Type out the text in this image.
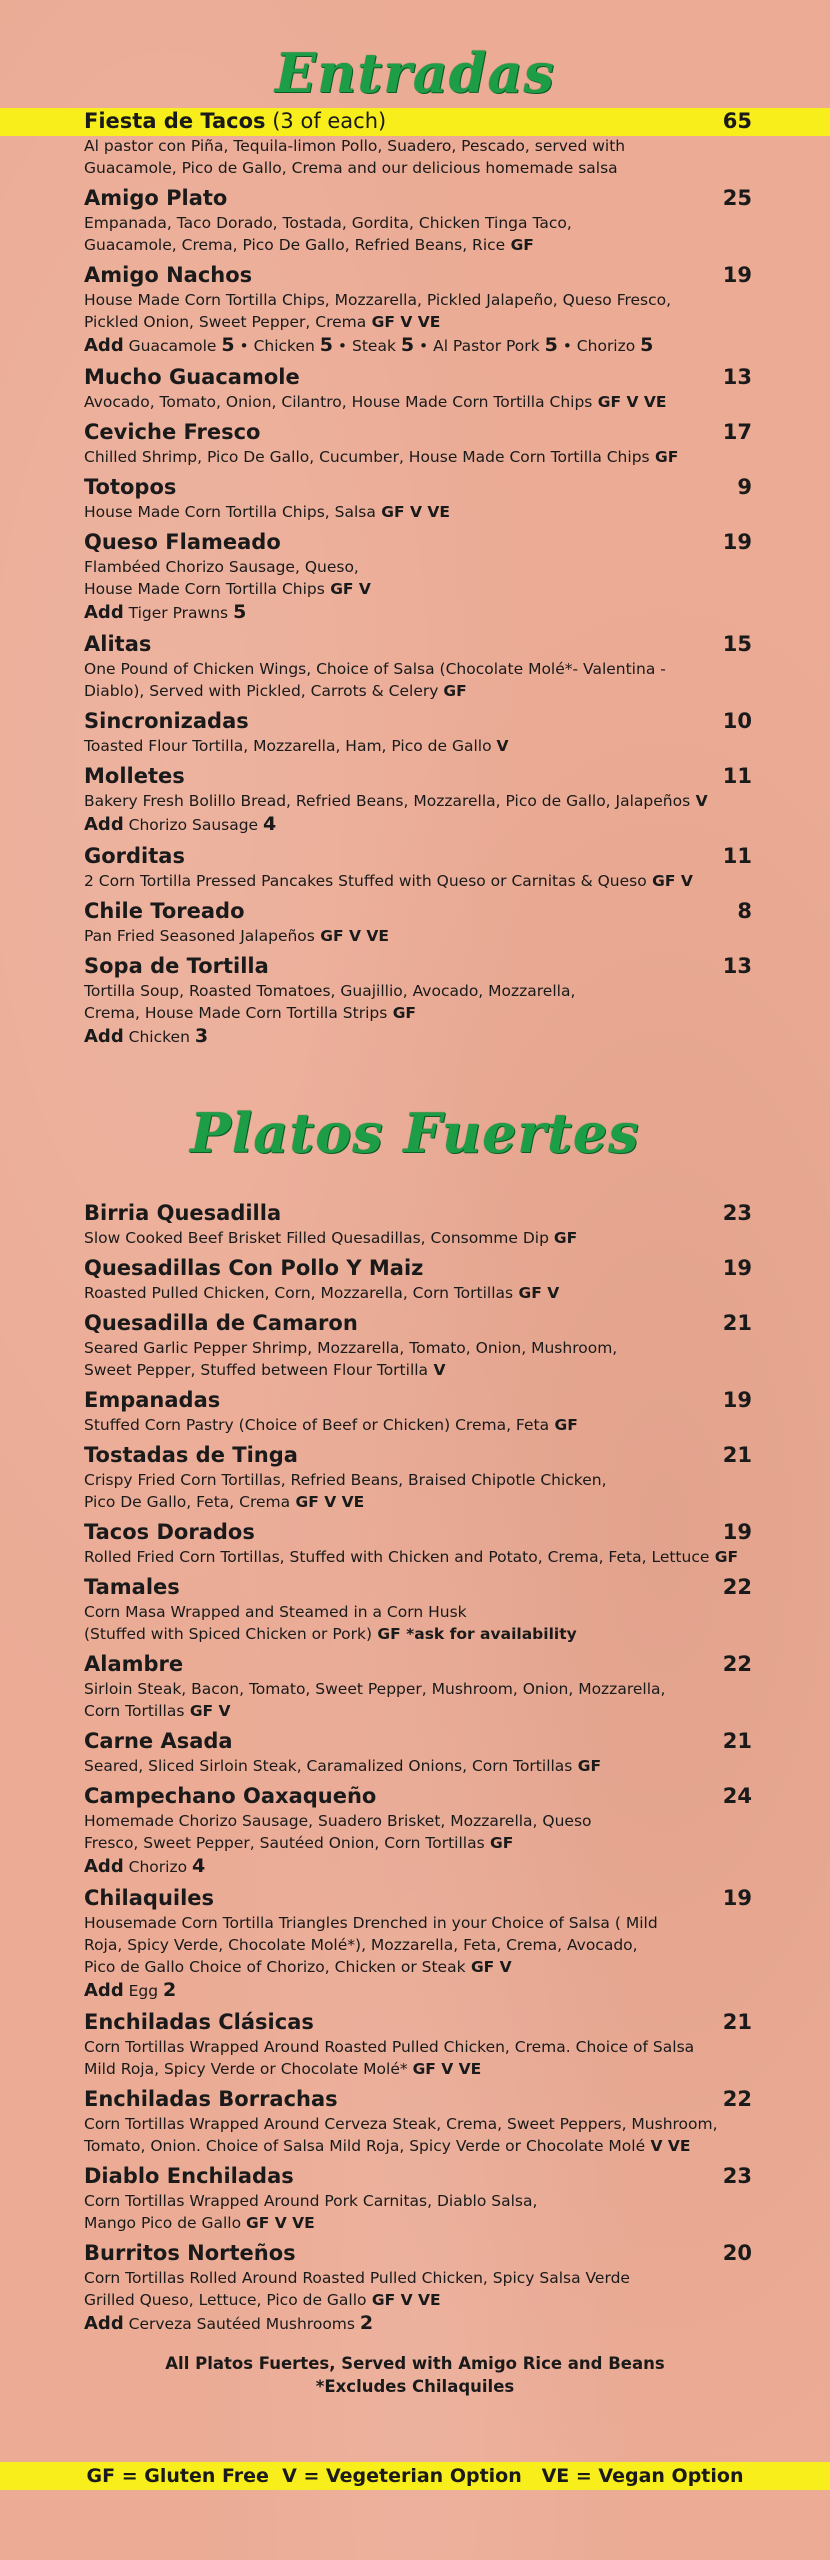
Entradas
Fiesta de Tacos (3 of each)	65
Al pastor con Piña, Tequila-limon Pollo, Suadero, Pescado, served with
Guacamole, Pico de Gallo, Crema and our delicious homemade salsa
Amigo Plato	25
Empanada, Taco Dorado, Tostada, Gordita, Chicken Tinga Taco,
Guacamole, Crema, Pico De Gallo, Refried Beans, Rice GF
Amigo Nachos	19
House Made Corn Tortilla Chips, Mozzarella, Pickled Jalapeño, Queso Fresco,
Pickled Onion, Sweet Pepper, Crema GF V VE
Add Guacamole 5 • Chicken 5 • Steak 5 • Al Pastor Pork 5 • Chorizo 5
Mucho Guacamole	13
Avocado, Tomato, Onion, Cilantro, House Made Corn Tortilla Chips GF V VE
Ceviche Fresco	17
Chilled Shrimp, Pico De Gallo, Cucumber, House Made Corn Tortilla Chips GF
Totopos	9
House Made Corn Tortilla Chips, Salsa GF V VE
Queso Flameado	19
Flambéed Chorizo Sausage, Queso,
House Made Corn Tortilla Chips GF V
Add Tiger Prawns 5
Alitas	15
One Pound of Chicken Wings, Choice of Salsa (Chocolate Molé*- Valentina -
Diablo), Served with Pickled, Carrots & Celery GF
Sincronizadas	10
Toasted Flour Tortilla, Mozzarella, Ham, Pico de Gallo V
Molletes	11
Bakery Fresh Bolillo Bread, Refried Beans, Mozzarella, Pico de Gallo, Jalapeños V
Add Chorizo Sausage 4
Gorditas	11
2 Corn Tortilla Pressed Pancakes Stuffed with Queso or Carnitas & Queso GF V
Chile Toreado	8
Pan Fried Seasoned Jalapeños GF V VE
Sopa de Tortilla	13
Tortilla Soup, Roasted Tomatoes, Guajillio, Avocado, Mozzarella,
Crema, House Made Corn Tortilla Strips GF
Add Chicken 3
Platos Fuertes
Birria Quesadilla	23
Slow Cooked Beef Brisket Filled Quesadillas, Consomme Dip GF
Quesadillas Con Pollo Y Maiz	19
Roasted Pulled Chicken, Corn, Mozzarella, Corn Tortillas GF V
Quesadilla de Camaron	21
Seared Garlic Pepper Shrimp, Mozzarella, Tomato, Onion, Mushroom,
Sweet Pepper, Stuffed between Flour Tortilla V
Empanadas	19
Stuffed Corn Pastry (Choice of Beef or Chicken) Crema, Feta GF
Tostadas de Tinga	21
Crispy Fried Corn Tortillas, Refried Beans, Braised Chipotle Chicken,
Pico De Gallo, Feta, Crema GF V VE
Tacos Dorados	19
Rolled Fried Corn Tortillas, Stuffed with Chicken and Potato, Crema, Feta, Lettuce GF
Tamales	22
Corn Masa Wrapped and Steamed in a Corn Husk
(Stuffed with Spiced Chicken or Pork) GF *ask for availability
Alambre	22
Sirloin Steak, Bacon, Tomato, Sweet Pepper, Mushroom, Onion, Mozzarella,
Corn Tortillas GF V
Carne Asada	21
Seared, Sliced Sirloin Steak, Caramalized Onions, Corn Tortillas GF
Campechano Oaxaqueño	24
Homemade Chorizo Sausage, Suadero Brisket, Mozzarella, Queso
Fresco, Sweet Pepper, Sautéed Onion, Corn Tortillas GF
Add Chorizo 4
Chilaquiles	19
Housemade Corn Tortilla Triangles Drenched in your Choice of Salsa ( Mild
Roja, Spicy Verde, Chocolate Molé*), Mozzarella, Feta, Crema, Avocado,
Pico de Gallo Choice of Chorizo, Chicken or Steak GF V
Add Egg 2
Enchiladas Clásicas	21
Corn Tortillas Wrapped Around Roasted Pulled Chicken, Crema. Choice of Salsa
Mild Roja, Spicy Verde or Chocolate Molé* GF V VE
Enchiladas Borrachas	22
Corn Tortillas Wrapped Around Cerveza Steak, Crema, Sweet Peppers, Mushroom,
Tomato, Onion. Choice of Salsa Mild Roja, Spicy Verde or Chocolate Molé V VE
Diablo Enchiladas	23
Corn Tortillas Wrapped Around Pork Carnitas, Diablo Salsa,
Mango Pico de Gallo GF V VE
Burritos Norteños	20
Corn Tortillas Rolled Around Roasted Pulled Chicken, Spicy Salsa Verde
Grilled Queso, Lettuce, Pico de Gallo GF V VE
Add Cerveza Sautéed Mushrooms 2
All Platos Fuertes, Served with Amigo Rice and Beans
*Excludes Chilaquiles
GF = Gluten Free  V = Vegeterian Option   VE = Vegan Option
